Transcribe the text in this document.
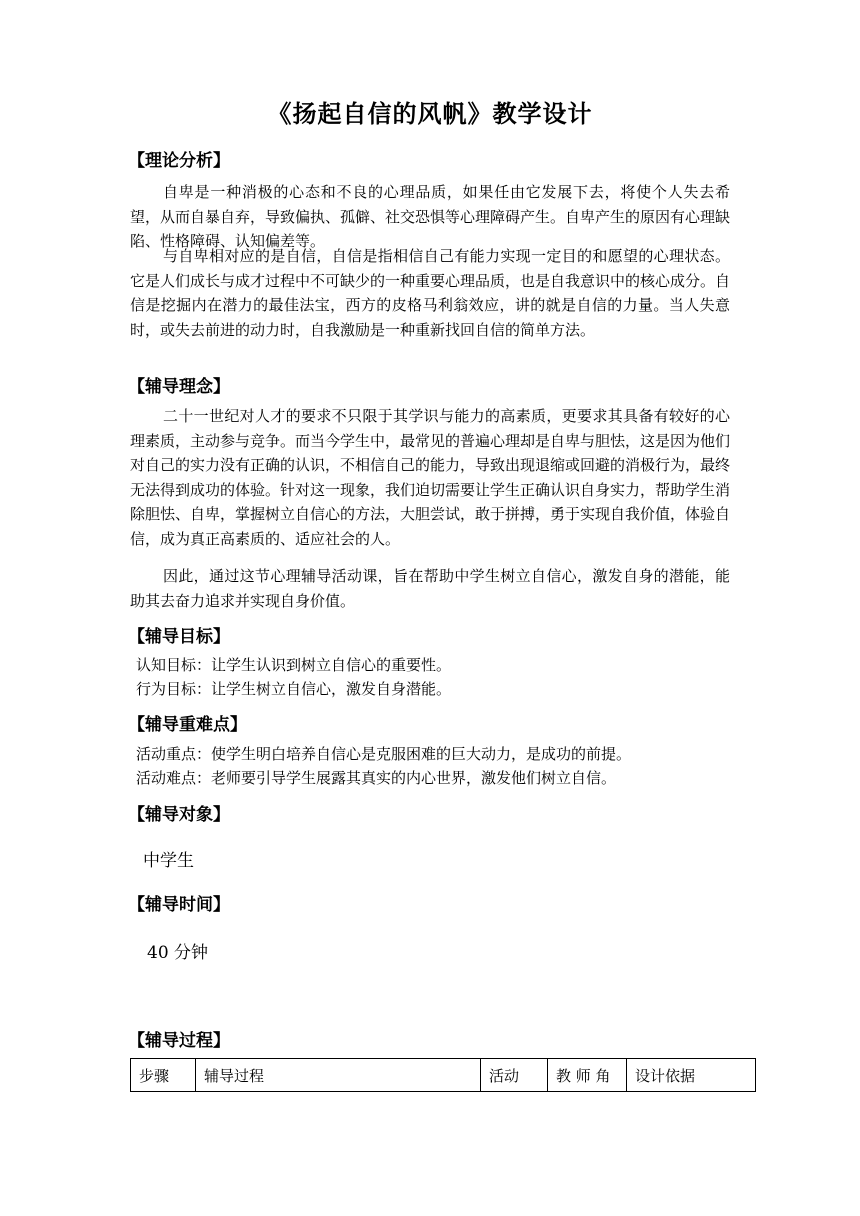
《扬起自信的风帆》教学设计
【理论分析】
自卑是一种消极的心态和不良的心理品质，如果任由它发展下去，将使个人失去希望，从而自暴自弃，导致偏执、孤僻、社交恐惧等心理障碍产生。自卑产生的原因有心理缺陷、性格障碍、认知偏差等。
与自卑相对应的是自信，自信是指相信自己有能力实现一定目的和愿望的心理状态。它是人们成长与成才过程中不可缺少的一种重要心理品质，也是自我意识中的核心成分。自信是挖掘内在潜力的最佳法宝，西方的皮格马利翁效应，讲的就是自信的力量。当人失意时，或失去前进的动力时，自我激励是一种重新找回自信的简单方法。
【辅导理念】
二十一世纪对人才的要求不只限于其学识与能力的高素质，更要求其具备有较好的心理素质，主动参与竞争。而当今学生中，最常见的普遍心理却是自卑与胆怯，这是因为他们对自己的实力没有正确的认识，不相信自己的能力，导致出现退缩或回避的消极行为，最终无法得到成功的体验。针对这一现象，我们迫切需要让学生正确认识自身实力，帮助学生消除胆怯、自卑，掌握树立自信心的方法，大胆尝试，敢于拼搏，勇于实现自我价值，体验自信，成为真正高素质的、适应社会的人。
因此，通过这节心理辅导活动课，旨在帮助中学生树立自信心，激发自身的潜能，能助其去奋力追求并实现自身价值。
【辅导目标】
认知目标：让学生认识到树立自信心的重要性。
行为目标：让学生树立自信心，激发自身潜能。
【辅导重难点】
活动重点：使学生明白培养自信心是克服困难的巨大动力，是成功的前提。
活动难点：老师要引导学生展露其真实的内心世界，激发他们树立自信。
【辅导对象】
中学生
【辅导时间】
40 分钟
【辅导过程】
步骤	辅导过程	活动	教 师 角	设计依据
